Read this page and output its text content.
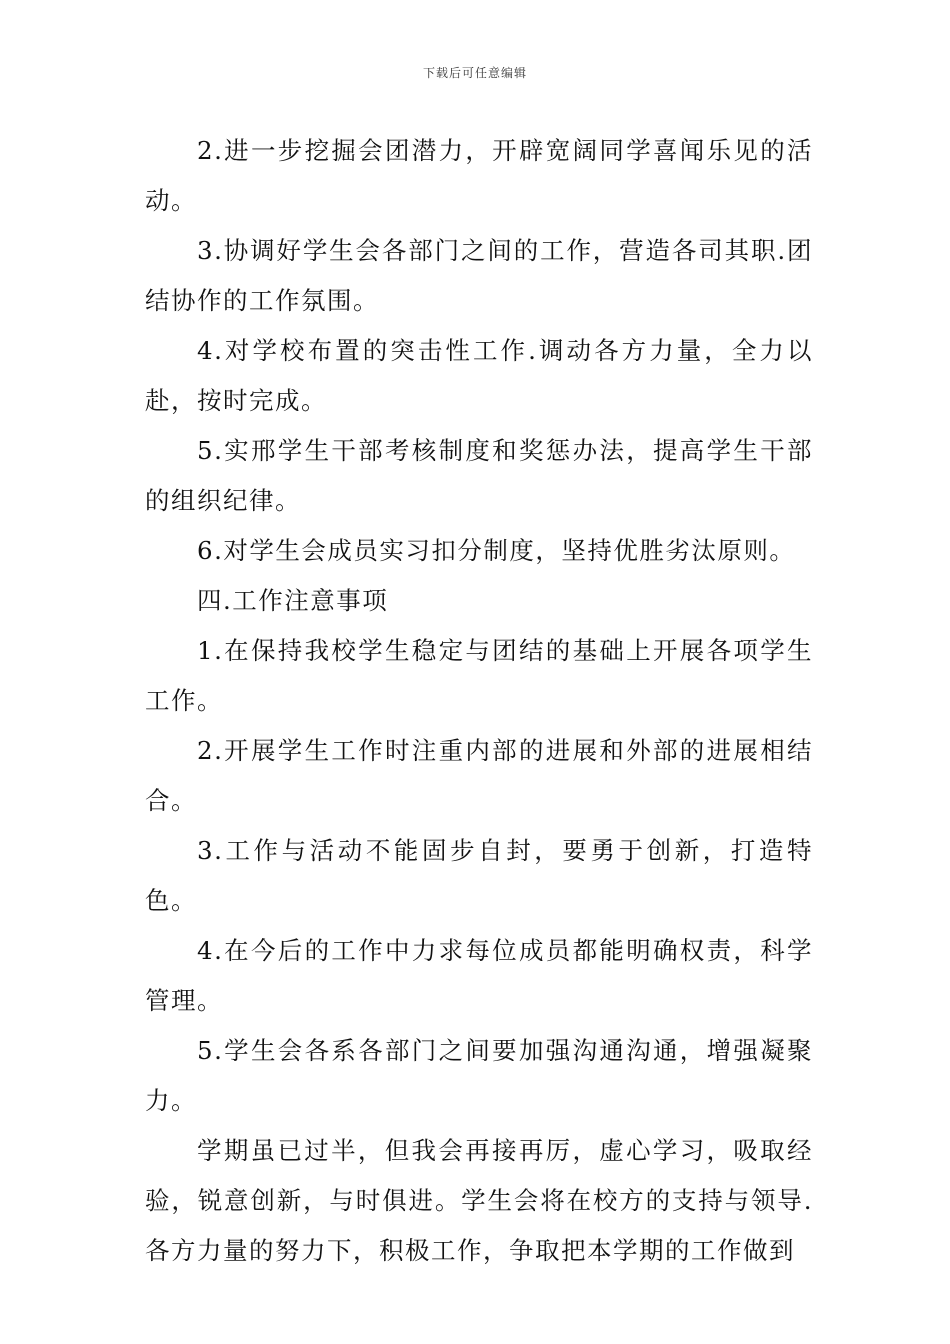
下载后可任意编辑

2.进一步挖掘会团潜力，开辟宽阔同学喜闻乐见的活动。

3.协调好学生会各部门之间的工作，营造各司其职.团结协作的工作氛围。

4.对学校布置的突击性工作.调动各方力量，全力以赴，按时完成。

5.实邢学生干部考核制度和奖惩办法，提高学生干部的组织纪律。

6.对学生会成员实习扣分制度，坚持优胜劣汰原则。

四.工作注意事项

1.在保持我校学生稳定与团结的基础上开展各项学生工作。

2.开展学生工作时注重内部的进展和外部的进展相结合。

3.工作与活动不能固步自封，要勇于创新，打造特色。

4.在今后的工作中力求每位成员都能明确权责，科学管理。

5.学生会各系各部门之间要加强沟通沟通，增强凝聚力。

学期虽已过半，但我会再接再厉，虚心学习，吸取经验，锐意创新，与时俱进。学生会将在校方的支持与领导.各方力量的努力下，积极工作，争取把本学期的工作做到
